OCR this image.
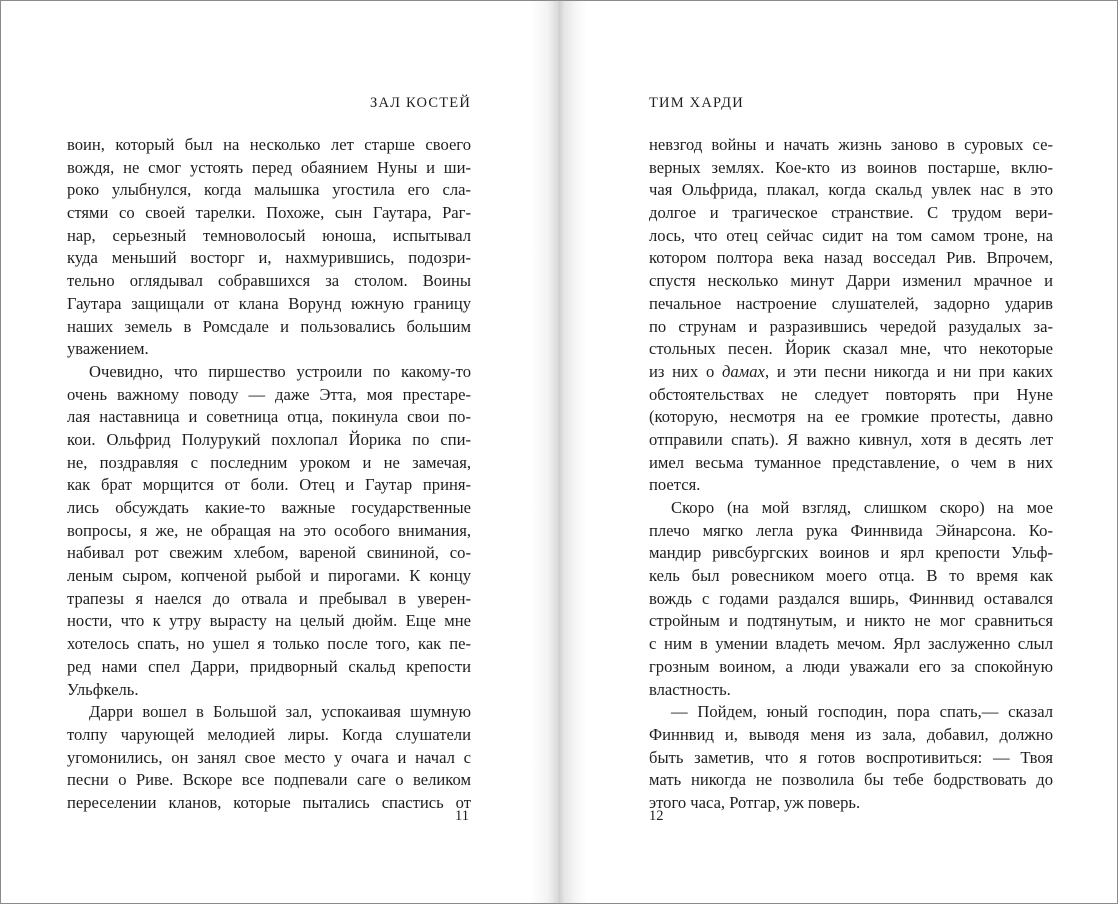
ЗАЛ КОСТЕЙ
воин, который был на несколько лет старше своего
вождя, не смог устоять перед обаянием Нуны и ши-
роко улыбнулся, когда малышка угостила его сла-
стями со своей тарелки. Похоже, сын Гаутара, Раг-
нар, серьезный темноволосый юноша, испытывал
куда меньший восторг и, нахмурившись, подозри-
тельно оглядывал собравшихся за столом. Воины
Гаутара защищали от клана Ворунд южную границу
наших земель в Ромсдале и пользовались большим
уважением.
Очевидно, что пиршество устроили по какому-то
очень важному поводу — даже Этта, моя престаре-
лая наставница и советница отца, покинула свои по-
кои. Ольфрид Полурукий похлопал Йорика по спи-
не, поздравляя с последним уроком и не замечая,
как брат морщится от боли. Отец и Гаутар приня-
лись обсуждать какие-то важные государственные
вопросы, я же, не обращая на это особого внимания,
набивал рот свежим хлебом, вареной свининой, со-
леным сыром, копченой рыбой и пирогами. К концу
трапезы я наелся до отвала и пребывал в уверен-
ности, что к утру вырасту на целый дюйм. Еще мне
хотелось спать, но ушел я только после того, как пе-
ред нами спел Дарри, придворный скальд крепости
Ульфкель.
Дарри вошел в Большой зал, успокаивая шумную
толпу чарующей мелодией лиры. Когда слушатели
угомонились, он занял свое место у очага и начал с
песни о Риве. Вскоре все подпевали саге о великом
переселении кланов, которые пытались спастись от
11
ТИМ ХАРДИ
невзгод войны и начать жизнь заново в суровых се-
верных землях. Кое-кто из воинов постарше, вклю-
чая Ольфрида, плакал, когда скальд увлек нас в это
долгое и трагическое странствие. С трудом вери-
лось, что отец сейчас сидит на том самом троне, на
котором полтора века назад восседал Рив. Впрочем,
спустя несколько минут Дарри изменил мрачное и
печальное настроение слушателей, задорно ударив
по струнам и разразившись чередой разудалых за-
стольных песен. Йорик сказал мне, что некоторые
из них о дамах, и эти песни никогда и ни при каких
обстоятельствах не следует повторять при Нуне
(которую, несмотря на ее громкие протесты, давно
отправили спать). Я важно кивнул, хотя в десять лет
имел весьма туманное представление, о чем в них
поется.
Скоро (на мой взгляд, слишком скоро) на мое
плечо мягко легла рука Финнвида Эйнарсона. Ко-
мандир ривсбургских воинов и ярл крепости Ульф-
кель был ровесником моего отца. В то время как
вождь с годами раздался вширь, Финнвид оставался
стройным и подтянутым, и никто не мог сравниться
с ним в умении владеть мечом. Ярл заслуженно слыл
грозным воином, а люди уважали его за спокойную
властность.
— Пойдем, юный господин, пора спать,— сказал
Финнвид и, выводя меня из зала, добавил, должно
быть заметив, что я готов воспротивиться: — Твоя
мать никогда не позволила бы тебе бодрствовать до
этого часа, Ротгар, уж поверь.
12
